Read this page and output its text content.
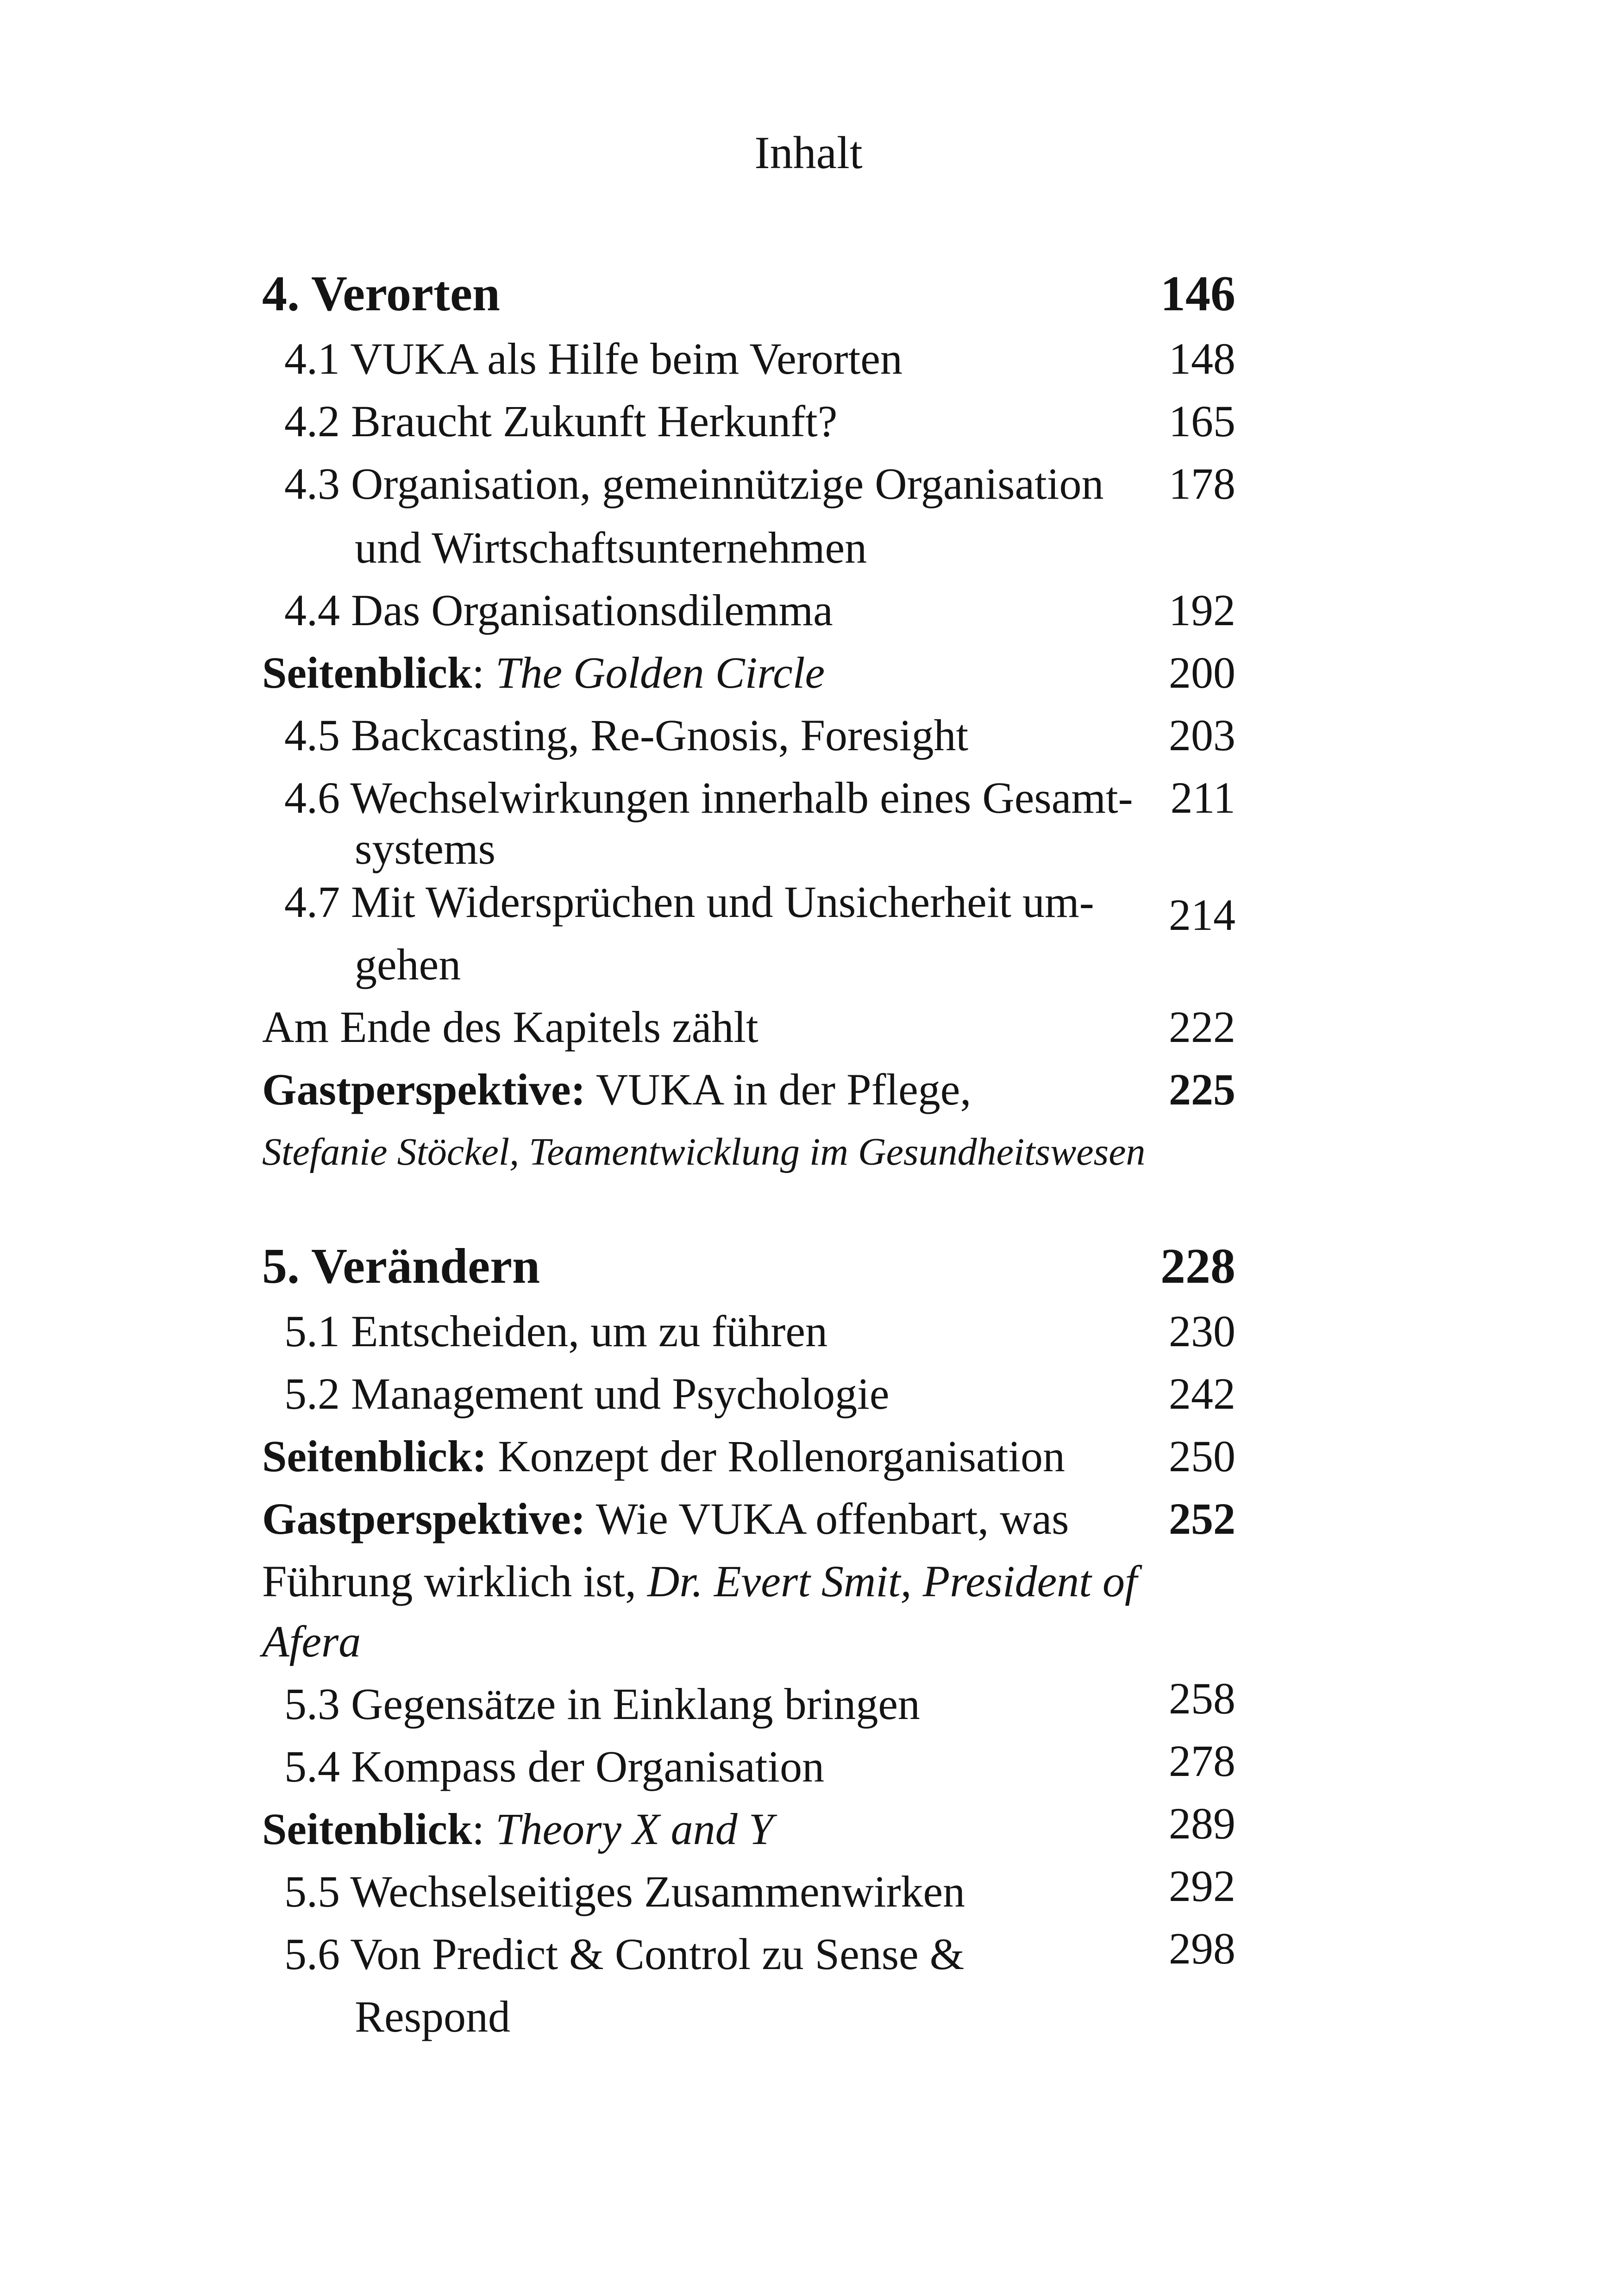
Inhalt
4. Verorten	146
4.1 VUKA als Hilfe beim Verorten	148
4.2 Braucht Zukunft Herkunft?	165
4.3 Organisation, gemeinnützige Organisation 178
und Wirtschaftsunternehmen
4.4 Das Organisationsdilemma	192
Seitenblick: The Golden Circle	200
4.5 Backcasting, Re-Gnosis, Foresight	203
4.6 Wechselwirkungen innerhalb eines Gesamt- 211
systems
4.7 Mit Widersprüchen und Unsicherheit um- 214
gehen
Am Ende des Kapitels zählt	222
Gastperspektive: VUKA in der Pflege,	225
Stefanie Stöckel, Teamentwicklung im Gesundheitswesen
5. Verändern	228
5.1 Entscheiden, um zu führen	230
5.2 Management und Psychologie	242
Seitenblick: Konzept der Rollenorganisation 250
Gastperspektive: Wie VUKA offenbart, was 252
Führung wirklich ist, Dr. Evert Smit, President of
Afera
5.3 Gegensätze in Einklang bringen	258
5.4 Kompass der Organisation	278
Seitenblick: Theory X and Y	289
5.5 Wechselseitiges Zusammenwirken	292
5.6 Von Predict & Control zu Sense &	298
Respond
